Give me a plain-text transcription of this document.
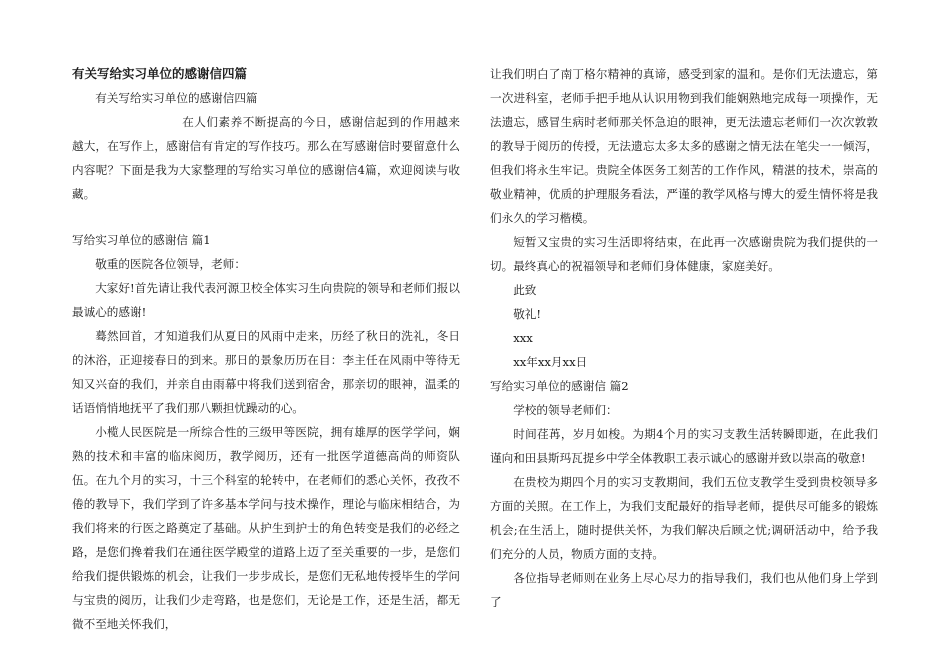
有关写给实习单位的感谢信四篇

有关写给实习单位的感谢信四篇

在人们素养不断提高的今日，感谢信起到的作用越来越大，在写作上，感谢信有肯定的写作技巧。那么在写感谢信时要留意什么内容呢？下面是我为大家整理的写给实习单位的感谢信4篇，欢迎阅读与收藏。

写给实习单位的感谢信 篇1

敬重的医院各位领导，老师：

大家好!首先请让我代表河源卫校全体实习生向贵院的领导和老师们报以最诚心的感谢!

蓦然回首，才知道我们从夏日的风雨中走来，历经了秋日的洗礼，冬日的沐浴，正迎接春日的到来。那日的景象历历在目：李主任在风雨中等待无知又兴奋的我们，并亲自由雨幕中将我们送到宿舍，那亲切的眼神，温柔的话语悄悄地抚平了我们那八颗担忧躁动的心。

小榄人民医院是一所综合性的三级甲等医院，拥有雄厚的医学学问，娴熟的技术和丰富的临床阅历，教学阅历，还有一批医学道德高尚的师资队伍。在九个月的实习，十三个科室的轮转中，在老师们的悉心关怀，孜孜不倦的教导下，我们学到了许多基本学问与技术操作，理论与临床相结合，为我们将来的行医之路奠定了基础。从护生到护士的角色转变是我们的必经之路，是您们搀着我们在通往医学殿堂的道路上迈了至关重要的一步，是您们给我们提供锻炼的机会，让我们一步步成长，是您们无私地传授毕生的学问与宝贵的阅历，让我们少走弯路，也是您们，无论是工作，还是生活，都无微不至地关怀我们，

让我们明白了南丁格尔精神的真谛，感受到家的温和。是你们无法遗忘，第一次进科室，老师手把手地从认识用物到我们能娴熟地完成每一项操作，无法遗忘，感冒生病时老师那关怀急迫的眼神，更无法遗忘老师们一次次敦敦的教导于阅历的传授，无法遗忘太多太多的感谢之情无法在笔尖一一倾泻，但我们将永生牢记。贵院全体医务工刻苦的工作作风，精湛的技术，崇高的敬业精神，优质的护理服务看法，严谨的教学风格与博大的爱生情怀将是我们永久的学习楷模。

短暂又宝贵的实习生活即将结束，在此再一次感谢贵院为我们提供的一切。最终真心的祝福领导和老师们身体健康，家庭美好。

此致

敬礼!

xxx

xx年xx月xx日

写给实习单位的感谢信 篇2

学校的领导老师们：

时间荏苒，岁月如梭。为期4个月的实习支教生活转瞬即逝，在此我们谨向和田县斯玛瓦提乡中学全体教职工表示诚心的感谢并致以崇高的敬意!

在贵校为期四个月的实习支教期间，我们五位支教学生受到贵校领导多方面的关照。在工作上，为我们支配最好的指导老师，提供尽可能多的锻炼机会;在生活上，随时提供关怀，为我们解决后顾之忧;调研活动中，给予我们充分的人员，物质方面的支持。

各位指导老师则在业务上尽心尽力的指导我们，我们也从他们身上学到了
